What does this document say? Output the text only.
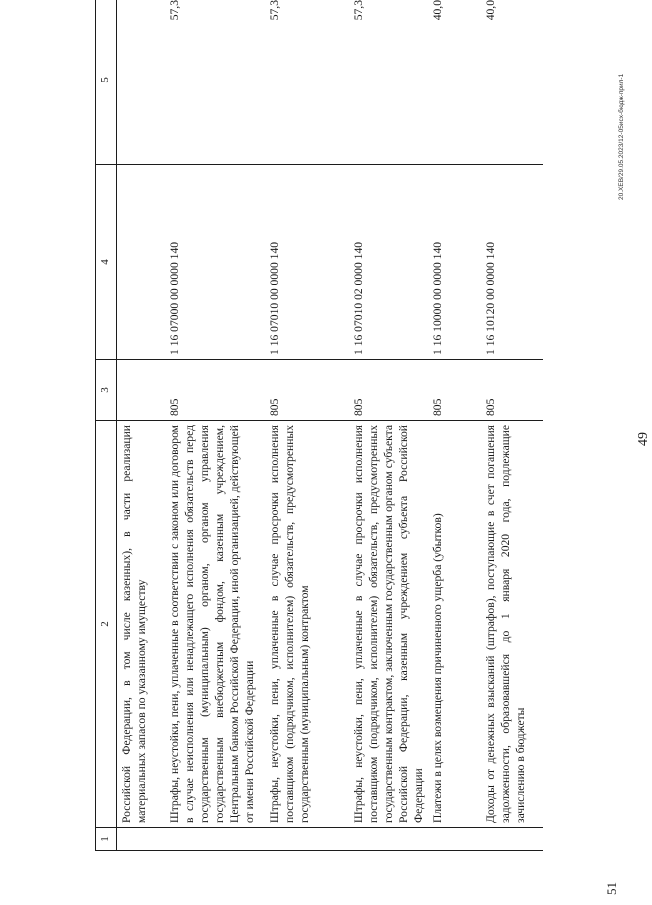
49
51
20.ХЕВ/29.05.2023/12-05исх-бюдж-прил-1
1	2	3	4	5
	Российской Федерации, в том числе казенных), в части реализации материальных запасов по указанному имуществу			
	Штрафы, неустойки, пени, уплаченные в соответствии с законом или договором в случае неисполнения или ненадлежащего исполнения обязательств перед государственным (муниципальным) органом, органом управления государственным внебюджетным фондом, казенным учреждением, Центральным банком Российской Федерации, иной организацией, действующей от имени Российской Федерации	805	1 16 07000 00 0000 140	57,3
	Штрафы, неустойки, пени, уплаченные в случае просрочки исполнения поставщиком (подрядчиком, исполнителем) обязательств, предусмотренных государственным (муниципальным) контрактом	805	1 16 07010 00 0000 140	57,3
	Штрафы, неустойки, пени, уплаченные в случае просрочки исполнения поставщиком (подрядчиком, исполнителем) обязательств, предусмотренных государственным контрактом, заключенным государственным органом субъекта Российской Федерации, казенным учреждением субъекта Российской Федерации	805	1 16 07010 02 0000 140	57,3
	Платежи в целях возмещения причиненного ущерба (убытков)	805	1 16 10000 00 0000 140	40,0
	Доходы от денежных взысканий (штрафов), поступающие в счет погашения задолженности, образовавшейся до 1 января 2020 года, подлежащие зачислению в бюджеты	805	1 16 10120 00 0000 140	40,0
